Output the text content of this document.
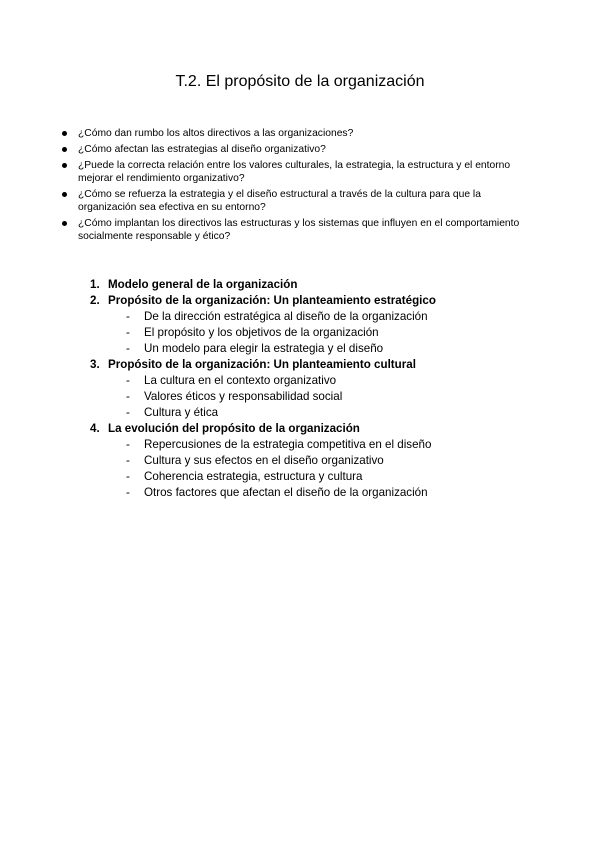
T.2. El propósito de la organización
¿Cómo dan rumbo los altos directivos a las organizaciones?
¿Cómo afectan las estrategias al diseño organizativo?
¿Puede la correcta relación entre los valores culturales, la estrategia, la estructura y el entorno mejorar el rendimiento organizativo?
¿Cómo se refuerza la estrategia y el diseño estructural a través de la cultura para que la organización sea efectiva en su entorno?
¿Cómo implantan los directivos las estructuras y los sistemas que influyen en el comportamiento socialmente responsable y ético?
1. Modelo general de la organización
2. Propósito de la organización: Un planteamiento estratégico
- De la dirección estratégica al diseño de la organización
- El propósito y los objetivos de la organización
- Un modelo para elegir la estrategia y el diseño
3. Propósito de la organización: Un planteamiento cultural
- La cultura en el contexto organizativo
- Valores éticos y responsabilidad social
- Cultura y ética
4. La evolución del propósito de la organización
- Repercusiones de la estrategia competitiva en el diseño
- Cultura y sus efectos en el diseño organizativo
- Coherencia estrategia, estructura y cultura
- Otros factores que afectan el diseño de la organización
